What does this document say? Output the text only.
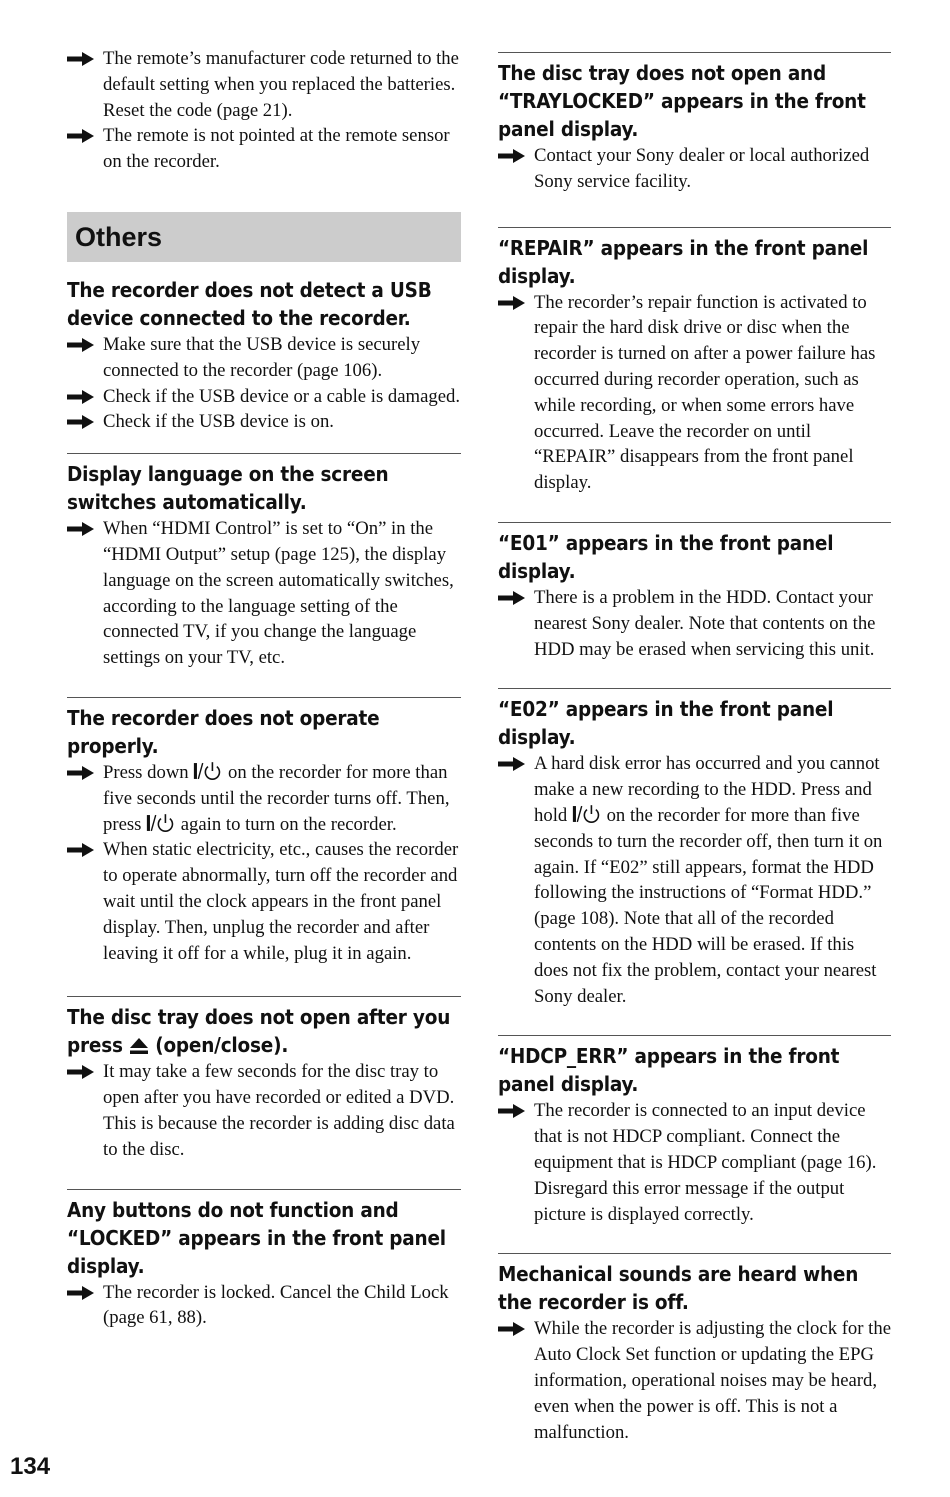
The remote’s manufacturer code returned to the default setting when you replaced the batteries. Reset the code (page 21).
The remote is not pointed at the remote sensor on the recorder.
Others
The recorder does not detect a USB device connected to the recorder.
Make sure that the USB device is securely connected to the recorder (page 106).
Check if the USB device or a cable is damaged.
Check if the USB device is on.
Display language on the screen switches automatically.
When “HDMI Control” is set to “On” in the “HDMI Output” setup (page 125), the display language on the screen automatically switches, according to the language setting of the connected TV, if you change the language settings on your TV, etc.
The recorder does not operate properly.
Press down  on the recorder for more than five seconds until the recorder turns off. Then, press  again to turn on the recorder.
When static electricity, etc., causes the recorder to operate abnormally, turn off the recorder and wait until the clock appears in the front panel display. Then, unplug the recorder and after leaving it off for a while, plug it in again.
The disc tray does not open after you press  (open/close).
It may take a few seconds for the disc tray to open after you have recorded or edited a DVD. This is because the recorder is adding disc data to the disc.
Any buttons do not function and “LOCKED” appears in the front panel display.
The recorder is locked. Cancel the Child Lock (page 61, 88).
The disc tray does not open and “TRAYLOCKED” appears in the front panel display.
Contact your Sony dealer or local authorized Sony service facility.
“REPAIR” appears in the front panel display.
The recorder’s repair function is activated to repair the hard disk drive or disc when the recorder is turned on after a power failure has occurred during recorder operation, such as while recording, or when some errors have occurred. Leave the recorder on until “REPAIR” disappears from the front panel display.
“E01” appears in the front panel display.
There is a problem in the HDD. Contact your nearest Sony dealer. Note that contents on the HDD may be erased when servicing this unit.
“E02” appears in the front panel display.
A hard disk error has occurred and you cannot make a new recording to the HDD. Press and hold  on the recorder for more than five seconds to turn the recorder off, then turn it on again. If “E02” still appears, format the HDD following the instructions of “Format HDD.” (page 108). Note that all of the recorded contents on the HDD will be erased. If this does not fix the problem, contact your nearest Sony dealer.
“HDCP_ERR” appears in the front panel display.
The recorder is connected to an input device that is not HDCP compliant. Connect the equipment that is HDCP compliant (page 16).
Disregard this error message if the output picture is displayed correctly.
Mechanical sounds are heard when the recorder is off.
While the recorder is adjusting the clock for the Auto Clock Set function or updating the EPG information, operational noises may be heard, even when the power is off. This is not a malfunction.
134
